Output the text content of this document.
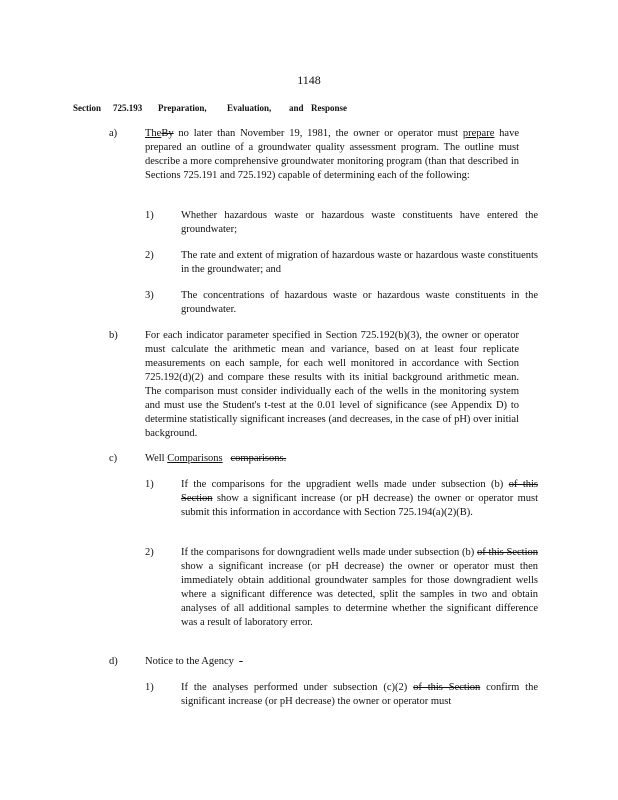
1148
Section 725.193 Preparation, Evaluation, and Response
a)	TheBy no later than November 19, 1981, the owner or operator must prepare have prepared an outline of a groundwater quality assessment program. The outline must describe a more comprehensive groundwater monitoring program (than that described in Sections 725.191 and 725.192) capable of determining each of the following:
1)	Whether hazardous waste or hazardous waste constituents have entered the groundwater;
2)	The rate and extent of migration of hazardous waste or hazardous waste constituents in the groundwater; and
3)	The concentrations of hazardous waste or hazardous waste constituents in the groundwater.
b)	For each indicator parameter specified in Section 725.192(b)(3), the owner or operator must calculate the arithmetic mean and variance, based on at least four replicate measurements on each sample, for each well monitored in accordance with Section 725.192(d)(2) and compare these results with its initial background arithmetic mean. The comparison must consider individually each of the wells in the monitoring system and must use the Student's t-test at the 0.01 level of significance (see Appendix D) to determine statistically significant increases (and decreases, in the case of pH) over initial background.
c)	Well Comparisons comparisons.
1)	If the comparisons for the upgradient wells made under subsection (b) of this Section show a significant increase (or pH decrease) the owner or operator must submit this information in accordance with Section 725.194(a)(2)(B).
2)	If the comparisons for downgradient wells made under subsection (b) of this Section show a significant increase (or pH decrease) the owner or operator must then immediately obtain additional groundwater samples for those downgradient wells where a significant difference was detected, split the samples in two and obtain analyses of all additional samples to determine whether the significant difference was a result of laboratory error.
d)	Notice to the Agency -
1)	If the analyses performed under subsection (c)(2) of this Section confirm the significant increase (or pH decrease) the owner or operator must
